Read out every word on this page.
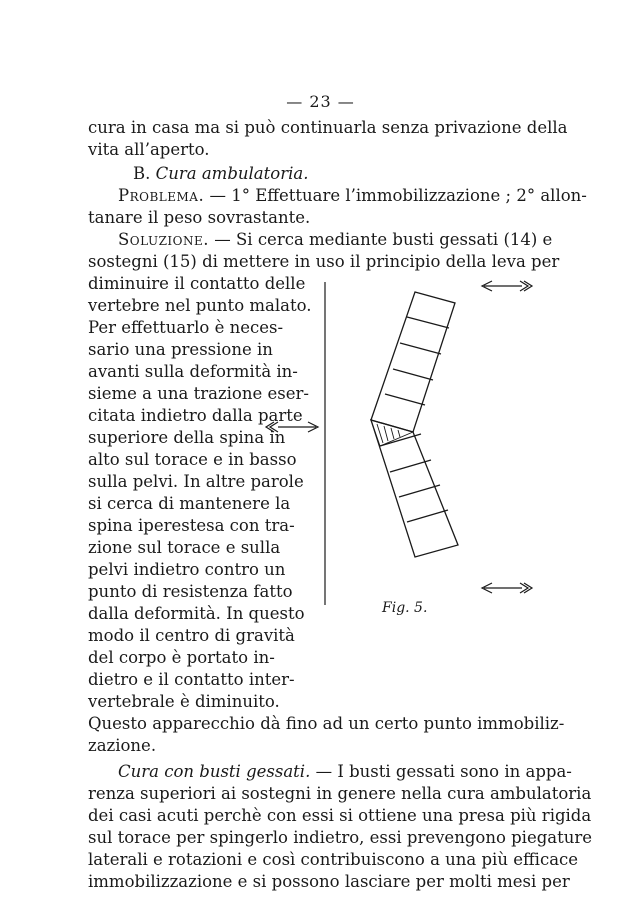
— 23 —
cura in casa ma si può continuarla senza privazione della
vita all’aperto.
B. Cura ambulatoria.
Problema. — 1° Effettuare l’immobilizzazione ; 2° allon-
tanare il peso sovrastante.
Soluzione. — Si cerca mediante busti gessati (14) e
sostegni (15) di mettere in uso il principio della leva per
diminuire il contatto delle
vertebre nel punto malato.
Per effettuarlo è neces-
sario una pressione in
avanti sulla deformità in-
sieme a una trazione eser-
citata indietro dalla parte
superiore della spina in
alto sul torace e in basso
sulla pelvi. In altre parole
si cerca di mantenere la
spina iperestesa con tra-
zione sul torace e sulla
pelvi indietro contro un
punto di resistenza fatto
dalla deformità. In questo
modo il centro di gravità
del corpo è portato in-
dietro e il contatto inter-
vertebrale è diminuito.
Questo apparecchio dà fino ad un certo punto immobiliz-
zazione.
Cura con busti gessati. — I busti gessati sono in appa-
renza superiori ai sostegni in genere nella cura ambulatoria
dei casi acuti perchè con essi si ottiene una presa più rigida
sul torace per spingerlo indietro, essi prevengono piegature
laterali e rotazioni e così contribuiscono a una più efficace
immobilizzazione e si possono lasciare per molti mesi per
Fig. 5.
